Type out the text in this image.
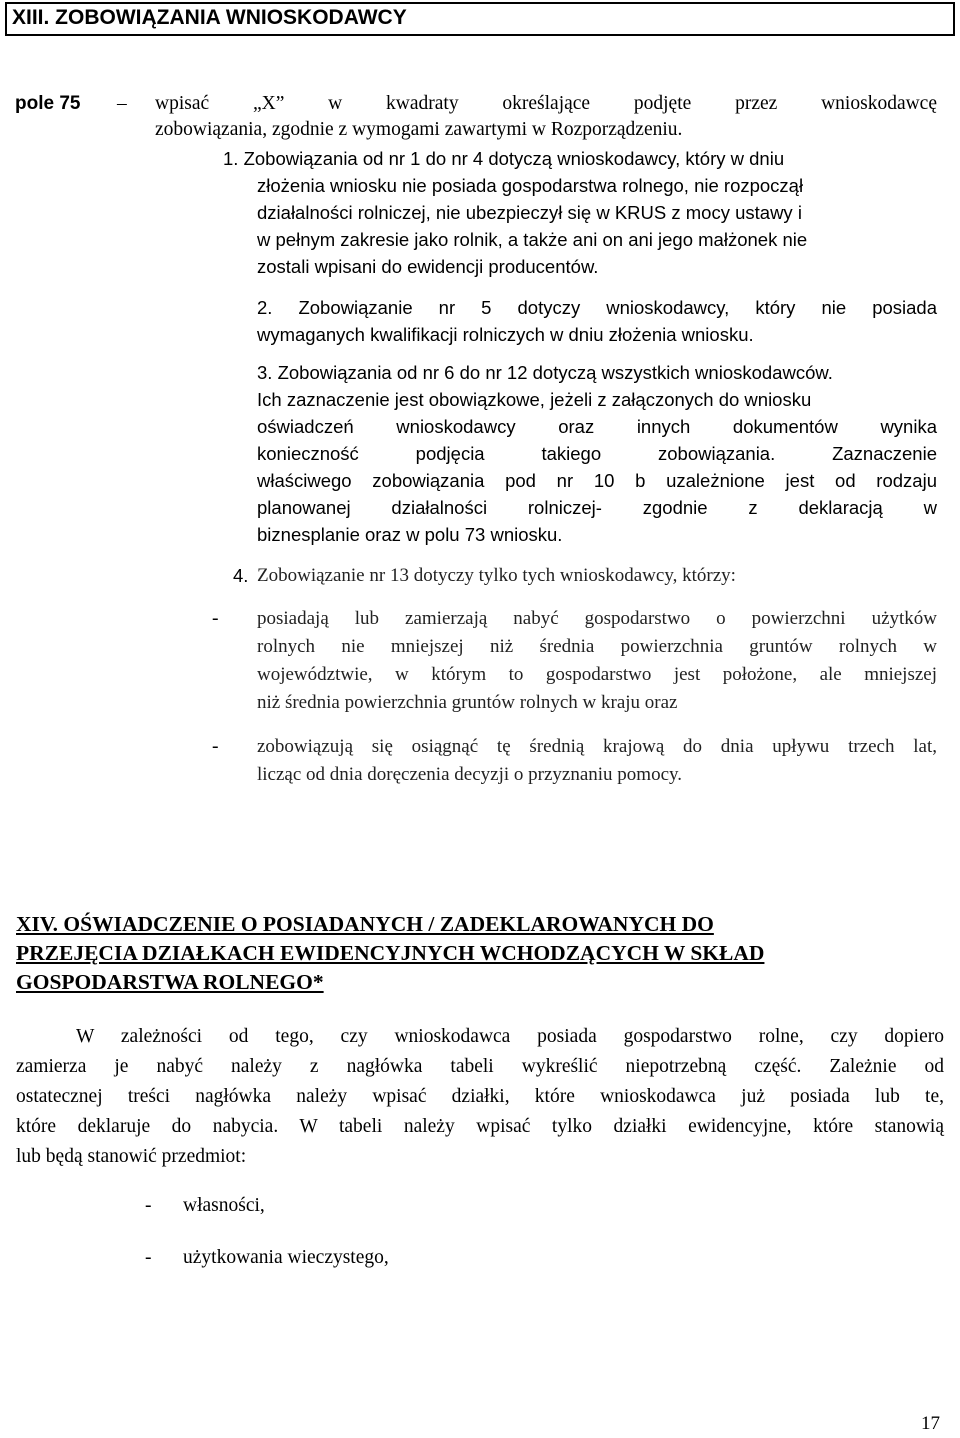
XIII. ZOBOWIĄZANIA WNIOSKODAWCY
pole 75 – wpisać „X” w kwadraty określające podjęte przez wnioskodawcę
zobowiązania, zgodnie z wymogami zawartymi w Rozporządzeniu.
1. Zobowiązania od nr 1 do nr 4 dotyczą wnioskodawcy, który w dniu
złożenia wniosku nie posiada gospodarstwa rolnego, nie rozpoczął
działalności rolniczej, nie ubezpieczył się w KRUS z mocy ustawy i
w pełnym zakresie jako rolnik, a także ani on ani jego małżonek nie
zostali wpisani do ewidencji producentów.
2. Zobowiązanie nr 5 dotyczy wnioskodawcy, który nie posiada
wymaganych kwalifikacji rolniczych w dniu złożenia wniosku.
3. Zobowiązania od nr 6 do nr 12 dotyczą wszystkich wnioskodawców.
Ich zaznaczenie jest obowiązkowe, jeżeli z załączonych do wniosku
oświadczeń wnioskodawcy oraz innych dokumentów wynika
konieczność podjęcia takiego zobowiązania. Zaznaczenie
właściwego zobowiązania pod nr 10 b uzależnione jest od rodzaju
planowanej działalności rolniczej- zgodnie z deklaracją w
biznesplanie oraz w polu 73 wniosku.
4. Zobowiązanie nr 13 dotyczy tylko tych wnioskodawcy, którzy:
- posiadają lub zamierzają nabyć gospodarstwo o powierzchni użytków
rolnych nie mniejszej niż średnia powierzchnia gruntów rolnych w
województwie, w którym to gospodarstwo jest położone, ale mniejszej
niż średnia powierzchnia gruntów rolnych w kraju oraz
- zobowiązują się osiągnąć tę średnią krajową do dnia upływu trzech lat,
licząc od dnia doręczenia decyzji o przyznaniu pomocy.
XIV. OŚWIADCZENIE O POSIADANYCH / ZADEKLAROWANYCH DO
PRZEJĘCIA DZIAŁKACH EWIDENCYJNYCH WCHODZĄCYCH W SKŁAD
GOSPODARSTWA ROLNEGO*
W zależności od tego, czy wnioskodawca posiada gospodarstwo rolne, czy dopiero
zamierza je nabyć należy z nagłówka tabeli wykreślić niepotrzebną część. Zależnie od
ostatecznej treści nagłówka należy wpisać działki, które wnioskodawca już posiada lub te,
które deklaruje do nabycia. W tabeli należy wpisać tylko działki ewidencyjne, które stanowią
lub będą stanowić przedmiot:
- własności,
- użytkowania wieczystego,
17
